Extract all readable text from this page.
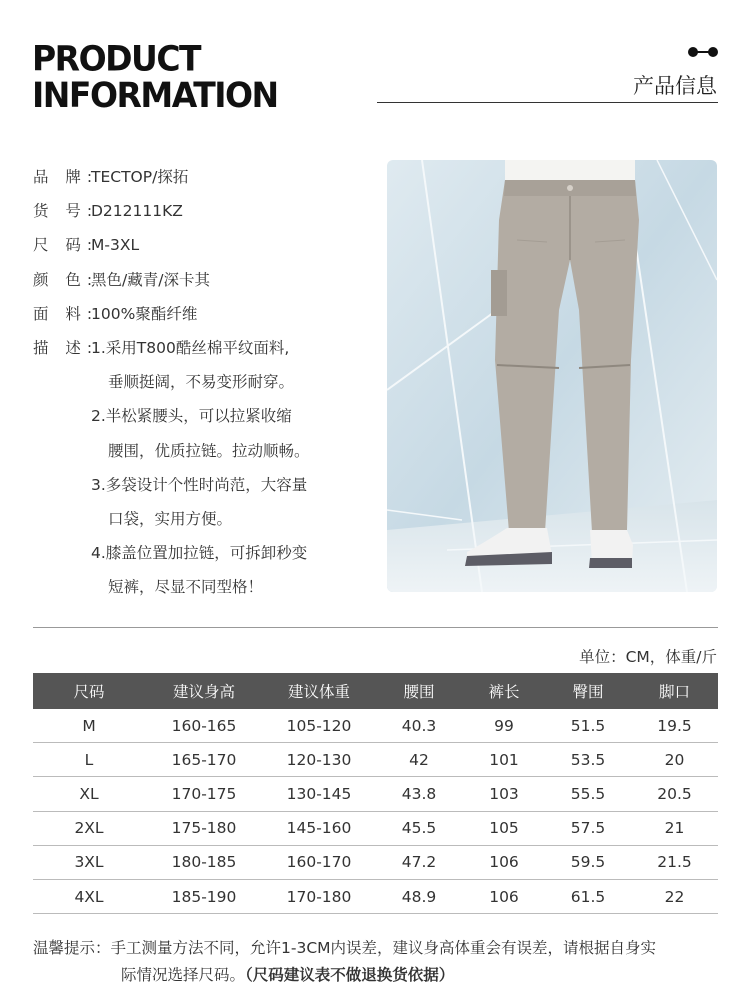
PRODUCT
INFORMATION	产品信息
品 牌:TECTOP/探拓
货 号:D212111KZ
尺 码:M-3XL
颜 色:黑色/藏青/深卡其
面 料:100%聚酯纤维
描 述:1.采用T800酷丝棉平纹面料,
垂顺挺阔，不易变形耐穿。
2.半松紧腰头，可以拉紧收缩
腰围，优质拉链。拉动顺畅。
3.多袋设计个性时尚范，大容量
口袋，实用方便。
4.膝盖位置加拉链，可拆卸秒变
短裤，尽显不同型格！
单位：CM，体重/斤
尺码	建议身高	建议体重	腰围	裤长	臀围	脚口
M	160-165	105-120	40.3	99	51.5	19.5
L	165-170	120-130	42	101	53.5	20
XL	170-175	130-145	43.8	103	55.5	20.5
2XL	175-180	145-160	45.5	105	57.5	21
3XL	180-185	160-170	47.2	106	59.5	21.5
4XL	185-190	170-180	48.9	106	61.5	22
温馨提示：手工测量方法不同，允许1-3CM内误差，建议身高体重会有误差，请根据自身实
际情况选择尺码。（尺码建议表不做退换货依据）
